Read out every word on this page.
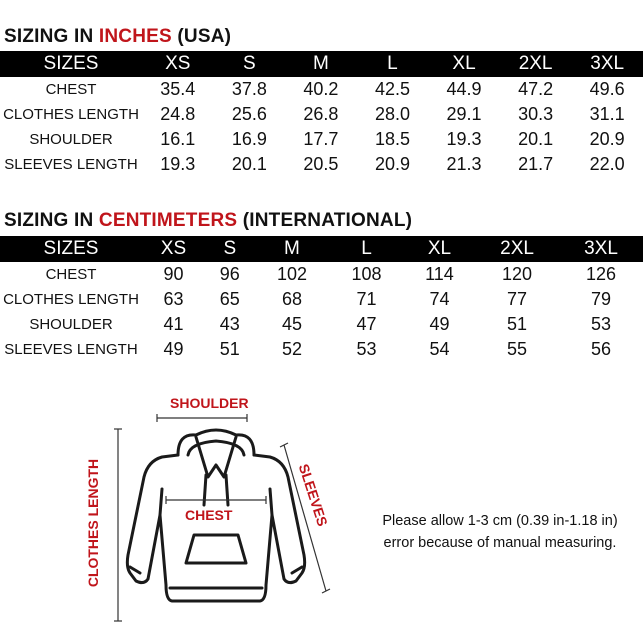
SIZING IN INCHES (USA)
SIZES	XS	S	M	L	XL	2XL	3XL
CHEST	35.4	37.8	40.2	42.5	44.9	47.2	49.6
CLOTHES LENGTH	24.8	25.6	26.8	28.0	29.1	30.3	31.1
SHOULDER	16.1	16.9	17.7	18.5	19.3	20.1	20.9
SLEEVES LENGTH	19.3	20.1	20.5	20.9	21.3	21.7	22.0
SIZING IN CENTIMETERS (INTERNATIONAL)
SIZES	XS	S	M	L	XL	2XL	3XL
CHEST	90	96	102	108	114	120	126
CLOTHES LENGTH	63	65	68	71	74	77	79
SHOULDER	41	43	45	47	49	51	53
SLEEVES LENGTH	49	51	52	53	54	55	56
SHOULDER
CHEST
CLOTHES LENGTH	SLEEVES	Please allow 1-3 cm (0.39 in-1.18 in)
error because of manual measuring.
